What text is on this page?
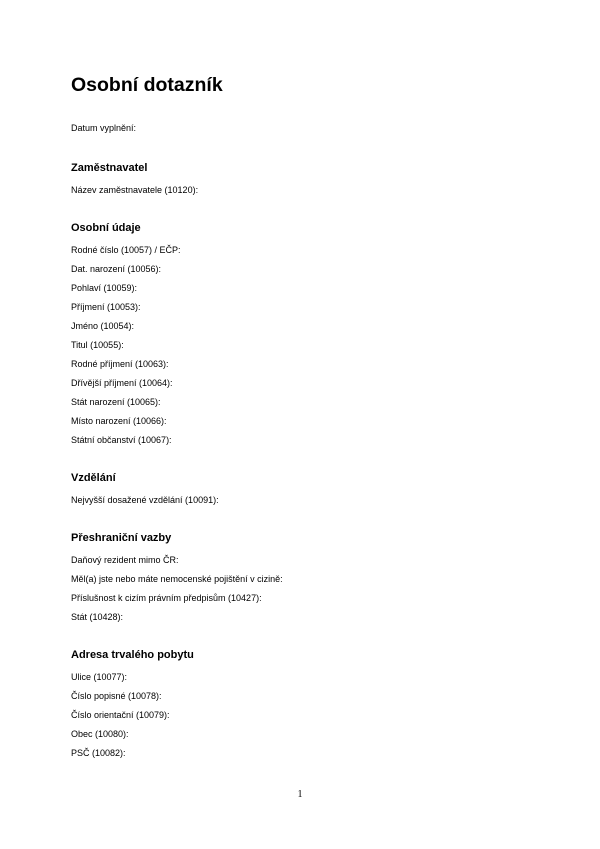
Osobní dotazník
Datum vyplnění:
Zaměstnavatel
Název zaměstnavatele (10120):
Osobní údaje
Rodné číslo (10057) / EČP:
Dat. narození (10056):
Pohlaví (10059):
Příjmení (10053):
Jméno (10054):
Titul (10055):
Rodné příjmení (10063):
Dřívější příjmení (10064):
Stát narození (10065):
Místo narození (10066):
Státní občanství (10067):
Vzdělání
Nejvyšší dosažené vzdělání (10091):
Přeshraniční vazby
Daňový rezident mimo ČR:
Měl(a) jste nebo máte nemocenské pojištění v cizině:
Příslušnost k cizím právním předpisům (10427):
Stát (10428):
Adresa trvalého pobytu
Ulice (10077):
Číslo popisné (10078):
Číslo orientační (10079):
Obec (10080):
PSČ (10082):
1
